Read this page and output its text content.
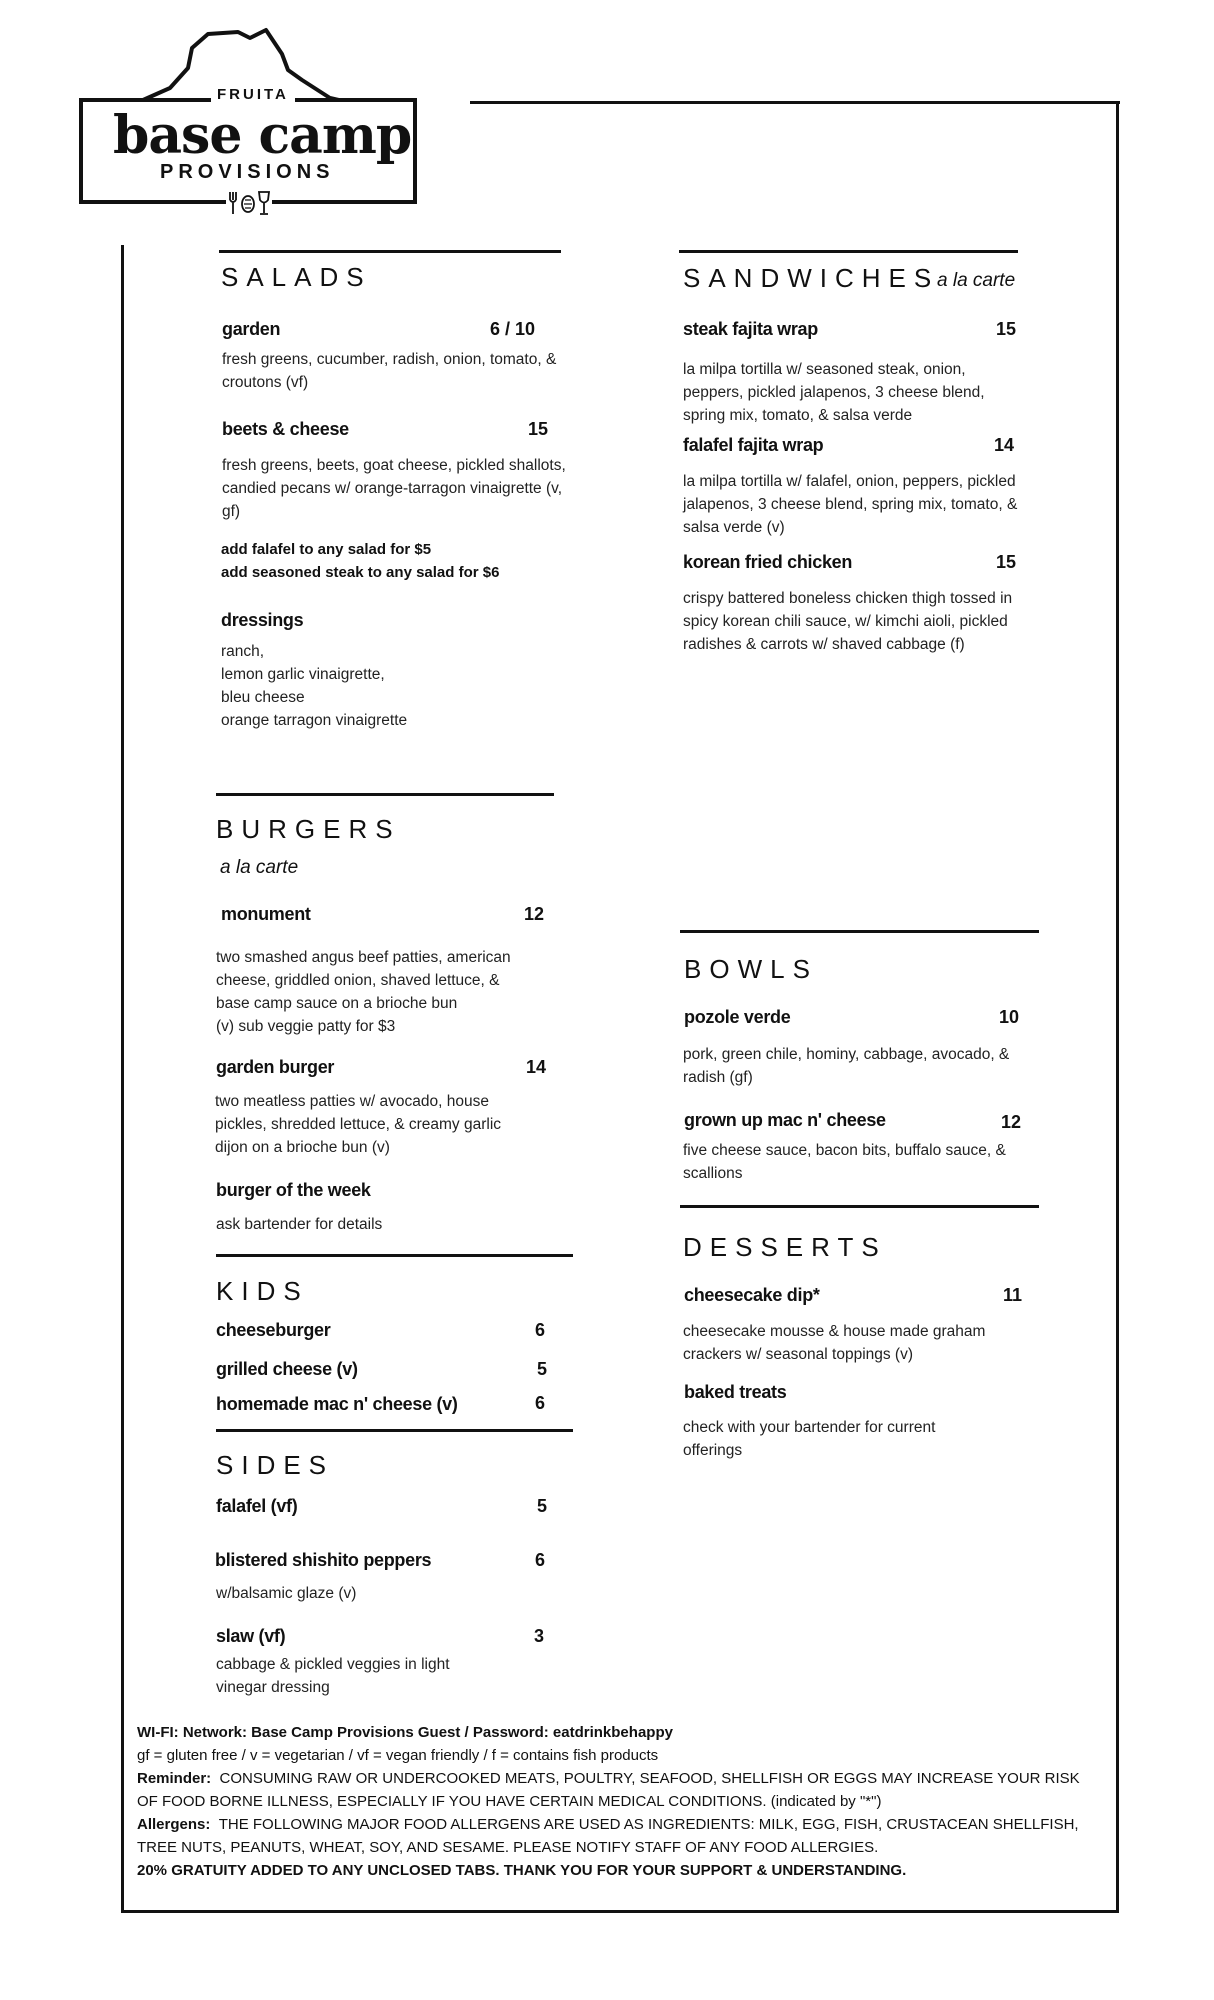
FRUITA
base camp
PROVISIONS
SALADS
garden	6 / 10
fresh greens, cucumber, radish, onion, tomato, & croutons (vf)
beets & cheese	15
fresh greens, beets, goat cheese, pickled shallots, candied pecans w/ orange-tarragon vinaigrette (v, gf)
add falafel to any salad for $5
add seasoned steak to any salad for $6
dressings
ranch,
lemon garlic vinaigrette,
bleu cheese
orange tarragon vinaigrette
SANDWICHES
a la carte
steak fajita wrap	15
la milpa tortilla w/ seasoned steak, onion, peppers, pickled jalapenos, 3 cheese blend, spring mix, tomato, & salsa verde
falafel fajita wrap	14
la milpa tortilla w/ falafel, onion, peppers, pickled jalapenos, 3 cheese blend, spring mix, tomato, & salsa verde (v)
korean fried chicken	15
crispy battered boneless chicken thigh tossed in spicy korean chili sauce, w/ kimchi aioli, pickled radishes & carrots w/ shaved cabbage (f)
BURGERS
a la carte
monument	12
two smashed angus beef patties, american cheese, griddled onion, shaved lettuce, & base camp sauce on a brioche bun
(v) sub veggie patty for $3
garden burger	14
two meatless patties w/ avocado, house pickles, shredded lettuce, & creamy garlic dijon on a brioche bun (v)
burger of the week
ask bartender for details
BOWLS
pozole verde	10
pork, green chile, hominy, cabbage, avocado, & radish (gf)
grown up mac n' cheese	12
five cheese sauce, bacon bits, buffalo sauce, & scallions
DESSERTS
cheesecake dip*	11
cheesecake mousse & house made graham crackers w/ seasonal toppings (v)
baked treats
check with your bartender for current offerings
KIDS
cheeseburger	6
grilled cheese (v)	5
homemade mac n' cheese (v)	6
SIDES
falafel (vf)	5
blistered shishito peppers	6
w/balsamic glaze (v)
slaw (vf)	3
cabbage & pickled veggies in light vinegar dressing
WI-FI: Network: Base Camp Provisions Guest / Password: eatdrinkbehappy
gf = gluten free / v = vegetarian / vf = vegan friendly / f = contains fish products
Reminder: CONSUMING RAW OR UNDERCOOKED MEATS, POULTRY, SEAFOOD, SHELLFISH OR EGGS MAY INCREASE YOUR RISK
OF FOOD BORNE ILLNESS, ESPECIALLY IF YOU HAVE CERTAIN MEDICAL CONDITIONS. (indicated by "*")
Allergens: THE FOLLOWING MAJOR FOOD ALLERGENS ARE USED AS INGREDIENTS: MILK, EGG, FISH, CRUSTACEAN SHELLFISH,
TREE NUTS, PEANUTS, WHEAT, SOY, AND SESAME. PLEASE NOTIFY STAFF OF ANY FOOD ALLERGIES.
20% GRATUITY ADDED TO ANY UNCLOSED TABS. THANK YOU FOR YOUR SUPPORT & UNDERSTANDING.
